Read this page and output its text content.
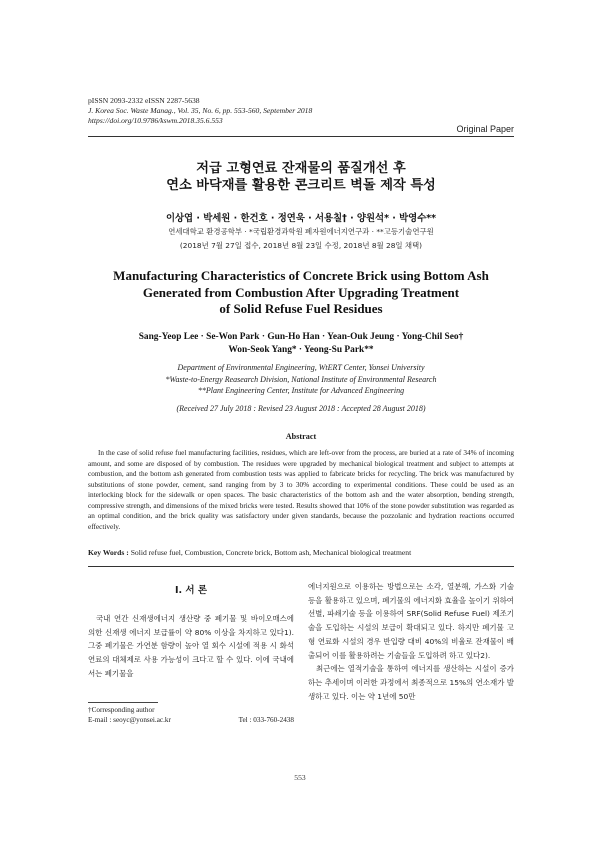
pISSN 2093-2332 eISSN 2287-5638
J. Korea Soc. Waste Manag., Vol. 35, No. 6, pp. 553-560, September 2018
https://doi.org/10.9786/kswm.2018.35.6.553
Original Paper
저급 고형연료 잔재물의 품질개선 후
연소 바닥재를 활용한 콘크리트 벽돌 제작 특성
이상엽 · 박세원 · 한건호 · 정연욱 · 서용칠† · 양원석* · 박영수**
연세대학교 환경공학부 · *국립환경과학원 폐자원에너지연구과 · **고등기술연구원
(2018년 7월 27일 접수, 2018년 8월 23일 수정, 2018년 8월 28일 채택)
Manufacturing Characteristics of Concrete Brick using Bottom Ash
Generated from Combustion After Upgrading Treatment
of Solid Refuse Fuel Residues
Sang-Yeop Lee · Se-Won Park · Gun-Ho Han · Yean-Ouk Jeung · Yong-Chil Seo†
Won-Seok Yang* · Yeong-Su Park**
Department of Environmental Engineering, WtERT Center, Yonsei University
*Waste-to-Energy Reasearch Division, National Institute of Environmental Research
**Plant Engineering Center, Institute for Advanced Engineering
(Received 27 July 2018 : Revised 23 August 2018 : Accepted 28 August 2018)
Abstract
In the case of solid refuse fuel manufacturing facilities, residues, which are left-over from the process, are buried at a rate of 34% of incoming amount, and some are disposed of by combustion. The residues were upgraded by mechanical biological treatment and subject to attempts at combustion, and the bottom ash generated from combustion tests was applied to fabricate bricks for recycling. The brick was manufactured by substitutions of stone powder, cement, sand ranging from by 3 to 30% according to experimental conditions. These could be used as an interlocking block for the sidewalk or open spaces. The basic characteristics of the bottom ash and the water absorption, bending strength, compressive strength, and dimensions of the mixed bricks were tested. Results showed that 10% of the stone powder substitution was regarded as an optimal condition, and the brick quality was satisfactory under given standards, because the pozzolanic and hydration reactions occurred effectively.
Key Words : Solid refuse fuel, Combustion, Concrete brick, Bottom ash, Mechanical biological treatment
I. 서 론

국내 연간 신재생에너지 생산량 중 폐기물 및 바이오매스에 의한 신재생 에너지 보급률이 약 80% 이상을 차지하고 있다1). 그중 폐기물은 가연분 함량이 높아 열 회수 시설에 적용 시 화석연료의 대체제로 사용 가능성이 크다고 할 수 있다. 이에 국내에서는 폐기물을

에너지원으로 이용하는 방법으로는 소각, 열분해, 가스화 기술 등을 활용하고 있으며, 폐기물의 에너지화 효율을 높이기 위하여 선별, 파쇄기술 등을 이용하여 SRF(Solid Refuse Fuel) 제조기술을 도입하는 시설의 보급이 확대되고 있다. 하지만 폐기물 고형 연료화 시설의 경우 반입량 대비 40%의 비율로 잔재물이 배출되어 이를 활용하려는 기술들을 도입하려 하고 있다2).

최근에는 열적기술을 통하여 에너지를 생산하는 시설이 증가하는 추세이며 이러한 과정에서 최종적으로 15%의 연소재가 발생하고 있다. 이는 약 1년에 50만

†Corresponding author
E-mail : seoyc@yonsei.ac.kr	Tel : 033-760-2438
553
